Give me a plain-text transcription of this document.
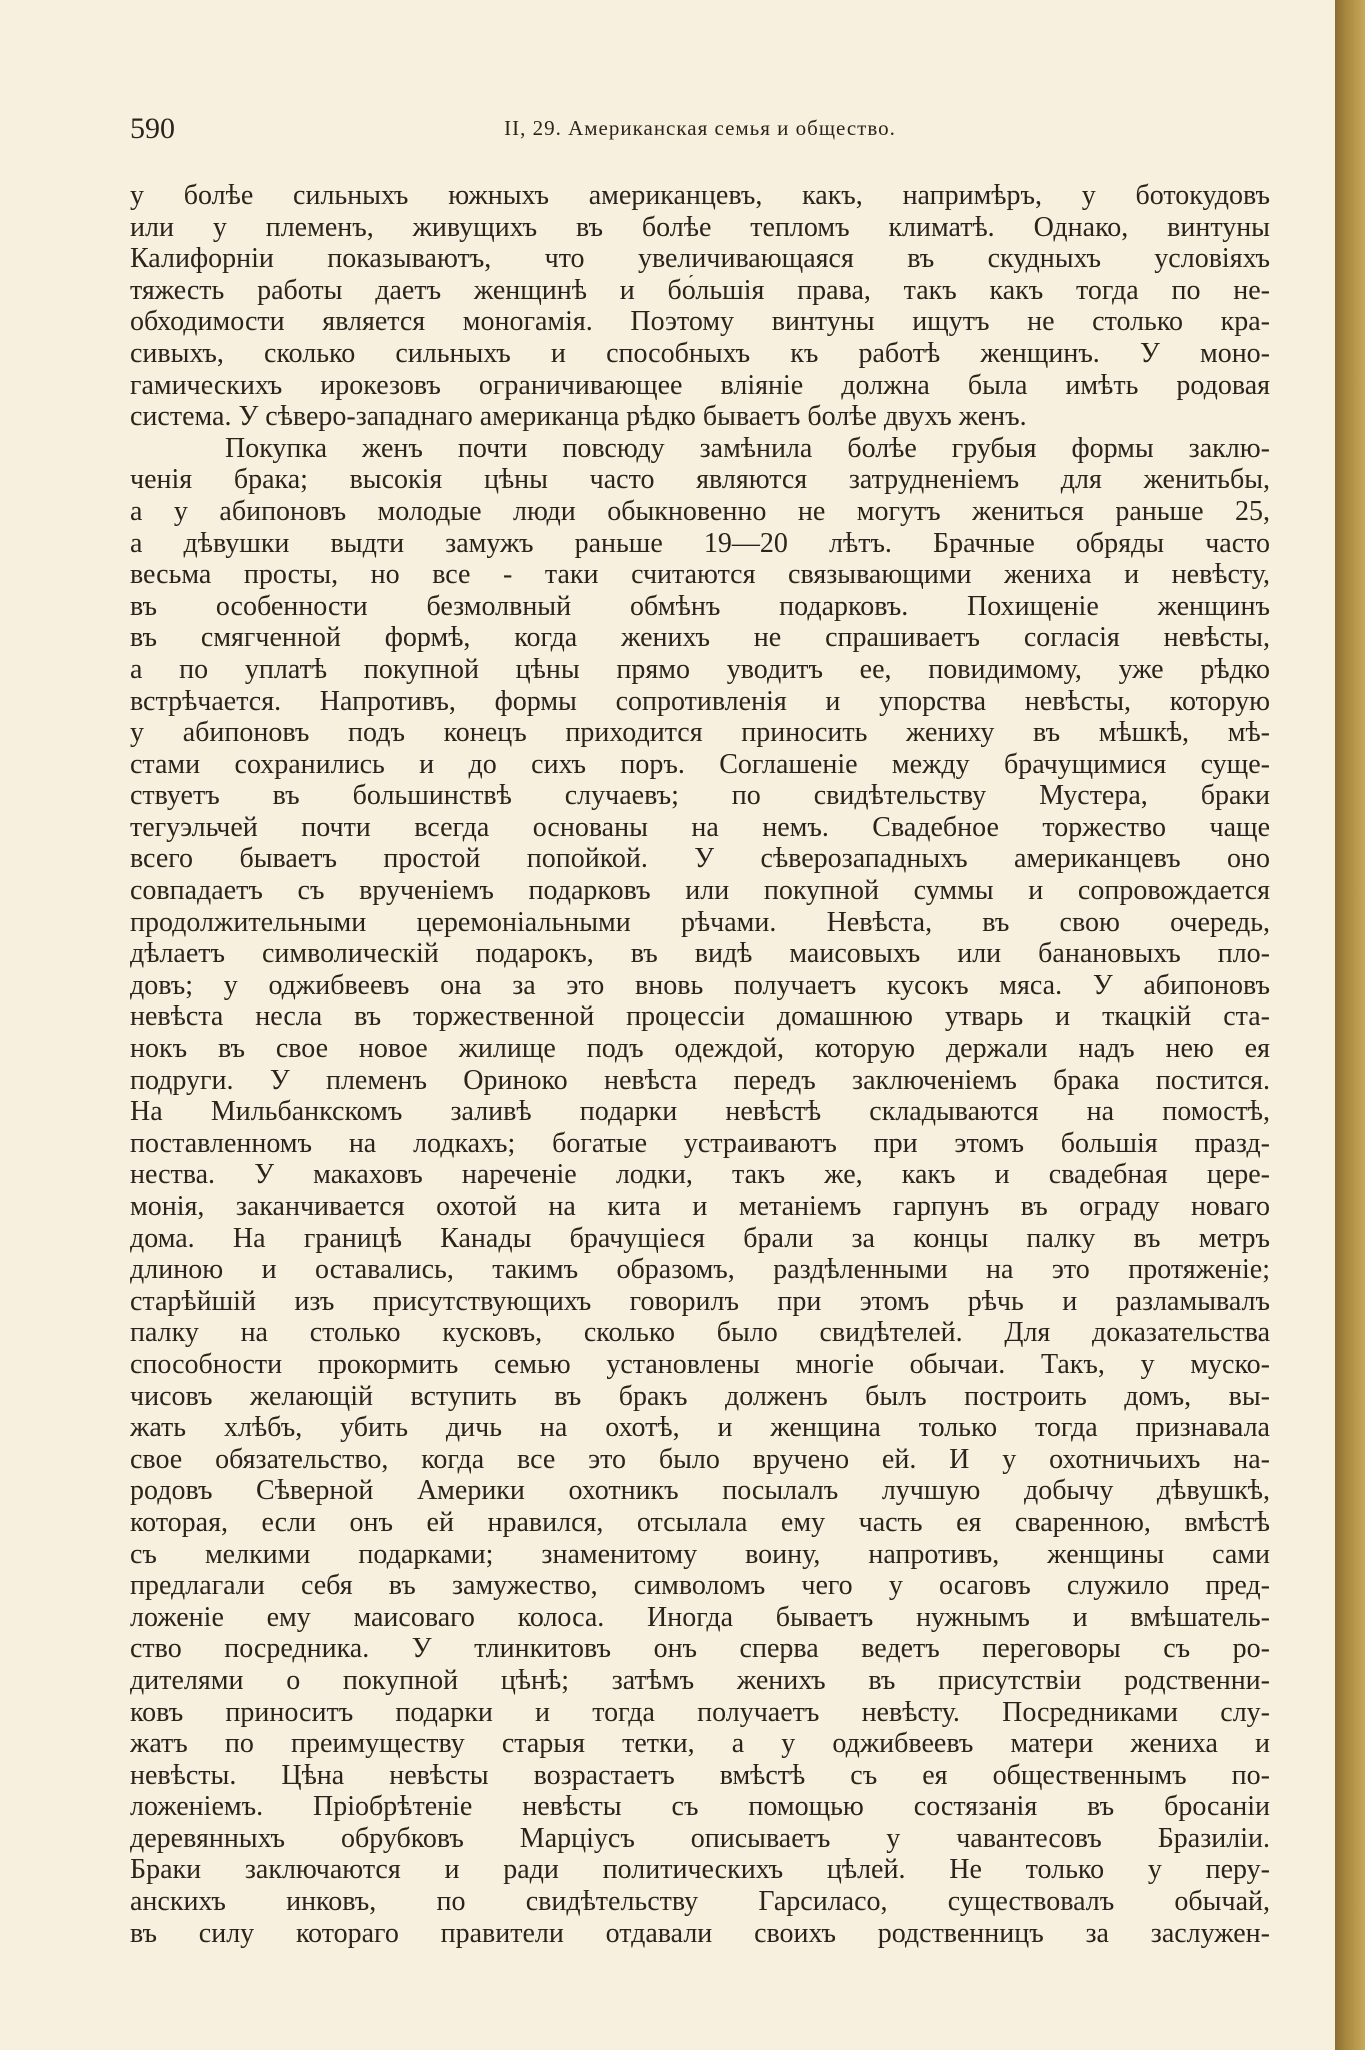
590	II, 29. Американская семья и общество.
у болѣе сильныхъ южныхъ американцевъ, какъ, напримѣръ, у ботокудовъ
или у племенъ, живущихъ въ болѣе тепломъ климатѣ. Однако, винтуны
Калифорніи показываютъ, что увеличивающаяся въ скудныхъ условіяхъ
тяжесть работы даетъ женщинѣ и бо́льшія права, такъ какъ тогда по не-
обходимости является моногамія. Поэтому винтуны ищутъ не столько кра-
сивыхъ, сколько сильныхъ и способныхъ къ работѣ женщинъ. У моно-
гамическихъ ирокезовъ ограничивающее вліяніе должна была имѣть родовая
система. У сѣверо-западнаго американца рѣдко бываетъ болѣе двухъ женъ.
Покупка женъ почти повсюду замѣнила болѣе грубыя формы заклю-
ченія брака; высокія цѣны часто являются затрудненіемъ для женитьбы,
а у абипоновъ молодые люди обыкновенно не могутъ жениться раньше 25,
а дѣвушки выдти замужъ раньше 19—20 лѣтъ. Брачные обряды часто
весьма просты, но все - таки считаются связывающими жениха и невѣсту,
въ особенности безмолвный обмѣнъ подарковъ. Похищеніе женщинъ
въ смягченной формѣ, когда женихъ не спрашиваетъ согласія невѣсты,
а по уплатѣ покупной цѣны прямо уводитъ ее, повидимому, уже рѣдко
встрѣчается. Напротивъ, формы сопротивленія и упорства невѣсты, которую
у абипоновъ подъ конецъ приходится приносить жениху въ мѣшкѣ, мѣ-
стами сохранились и до сихъ поръ. Соглашеніе между брачущимися суще-
ствуетъ въ большинствѣ случаевъ; по свидѣтельству Мустера, браки
тегуэльчей почти всегда основаны на немъ. Свадебное торжество чаще
всего бываетъ простой попойкой. У сѣверозападныхъ американцевъ оно
совпадаетъ съ врученіемъ подарковъ или покупной суммы и сопровождается
продолжительными церемоніальными рѣчами. Невѣста, въ свою очередь,
дѣлаетъ символическій подарокъ, въ видѣ маисовыхъ или банановыхъ пло-
довъ; у оджибвеевъ она за это вновь получаетъ кусокъ мяса. У абипоновъ
невѣста несла въ торжественной процессіи домашнюю утварь и ткацкій ста-
нокъ въ свое новое жилище подъ одеждой, которую держали надъ нею ея
подруги. У племенъ Ориноко невѣста передъ заключеніемъ брака постится.
На Мильбанкскомъ заливѣ подарки невѣстѣ складываются на помостѣ,
поставленномъ на лодкахъ; богатые устраиваютъ при этомъ большія празд-
нества. У макаховъ нареченіе лодки, такъ же, какъ и свадебная цере-
монія, заканчивается охотой на кита и метаніемъ гарпунъ въ ограду новаго
дома. На границѣ Канады брачущіеся брали за концы палку въ метръ
длиною и оставались, такимъ образомъ, раздѣленными на это протяженіе;
старѣйшій изъ присутствующихъ говорилъ при этомъ рѣчь и разламывалъ
палку на столько кусковъ, сколько было свидѣтелей. Для доказательства
способности прокормить семью установлены многіе обычаи. Такъ, у муско-
чисовъ желающій вступить въ бракъ долженъ былъ построить домъ, вы-
жать хлѣбъ, убить дичь на охотѣ, и женщина только тогда признавала
свое обязательство, когда все это было вручено ей. И у охотничьихъ на-
родовъ Сѣверной Америки охотникъ посылалъ лучшую добычу дѣвушкѣ,
которая, если онъ ей нравился, отсылала ему часть ея сваренною, вмѣстѣ
съ мелкими подарками; знаменитому воину, напротивъ, женщины сами
предлагали себя въ замужество, символомъ чего у осаговъ служило пред-
ложеніе ему маисоваго колоса. Иногда бываетъ нужнымъ и вмѣшатель-
ство посредника. У тлинкитовъ онъ сперва ведетъ переговоры съ ро-
дителями о покупной цѣнѣ; затѣмъ женихъ въ присутствіи родственни-
ковъ приноситъ подарки и тогда получаетъ невѣсту. Посредниками слу-
жатъ по преимуществу старыя тетки, а у оджибвеевъ матери жениха и
невѣсты. Цѣна невѣсты возрастаетъ вмѣстѣ съ ея общественнымъ по-
ложеніемъ. Пріобрѣтеніе невѣсты съ помощью состязанія въ бросаніи
деревянныхъ обрубковъ Марціусъ описываетъ у чавантесовъ Бразиліи.
Браки заключаются и ради политическихъ цѣлей. Не только у перу-
анскихъ инковъ, по свидѣтельству Гарсиласо, существовалъ обычай,
въ силу котораго правители отдавали своихъ родственницъ за заслужен-
